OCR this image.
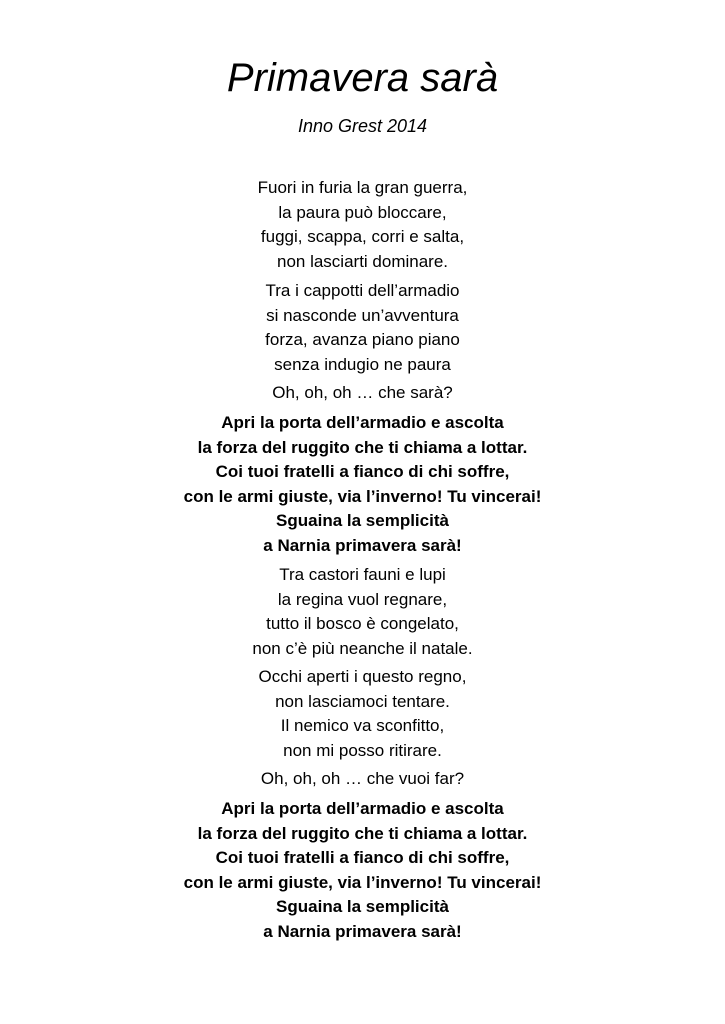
Primavera sarà
Inno Grest 2014
Fuori in furia la gran guerra,
la paura può bloccare,
fuggi, scappa, corri e salta,
non lasciarti dominare.
Tra i cappotti dell’armadio
si nasconde un’avventura
forza, avanza piano piano
senza indugio ne paura
Oh, oh, oh … che sarà?
Apri la porta dell’armadio e ascolta
la forza del ruggito che ti chiama a lottar.
Coi tuoi fratelli a fianco di chi soffre,
con le armi giuste, via l’inverno! Tu vincerai!
Sguaina la semplicità
a Narnia primavera sarà!
Tra castori fauni e lupi
la regina vuol regnare,
tutto il bosco è congelato,
non c’è più neanche il natale.
Occhi aperti i questo regno,
non lasciamoci tentare.
Il nemico va sconfitto,
non mi posso ritirare.
Oh, oh, oh … che vuoi far?
Apri la porta dell’armadio e ascolta
la forza del ruggito che ti chiama a lottar.
Coi tuoi fratelli a fianco di chi soffre,
con le armi giuste, via l’inverno! Tu vincerai!
Sguaina la semplicità
a Narnia primavera sarà!
